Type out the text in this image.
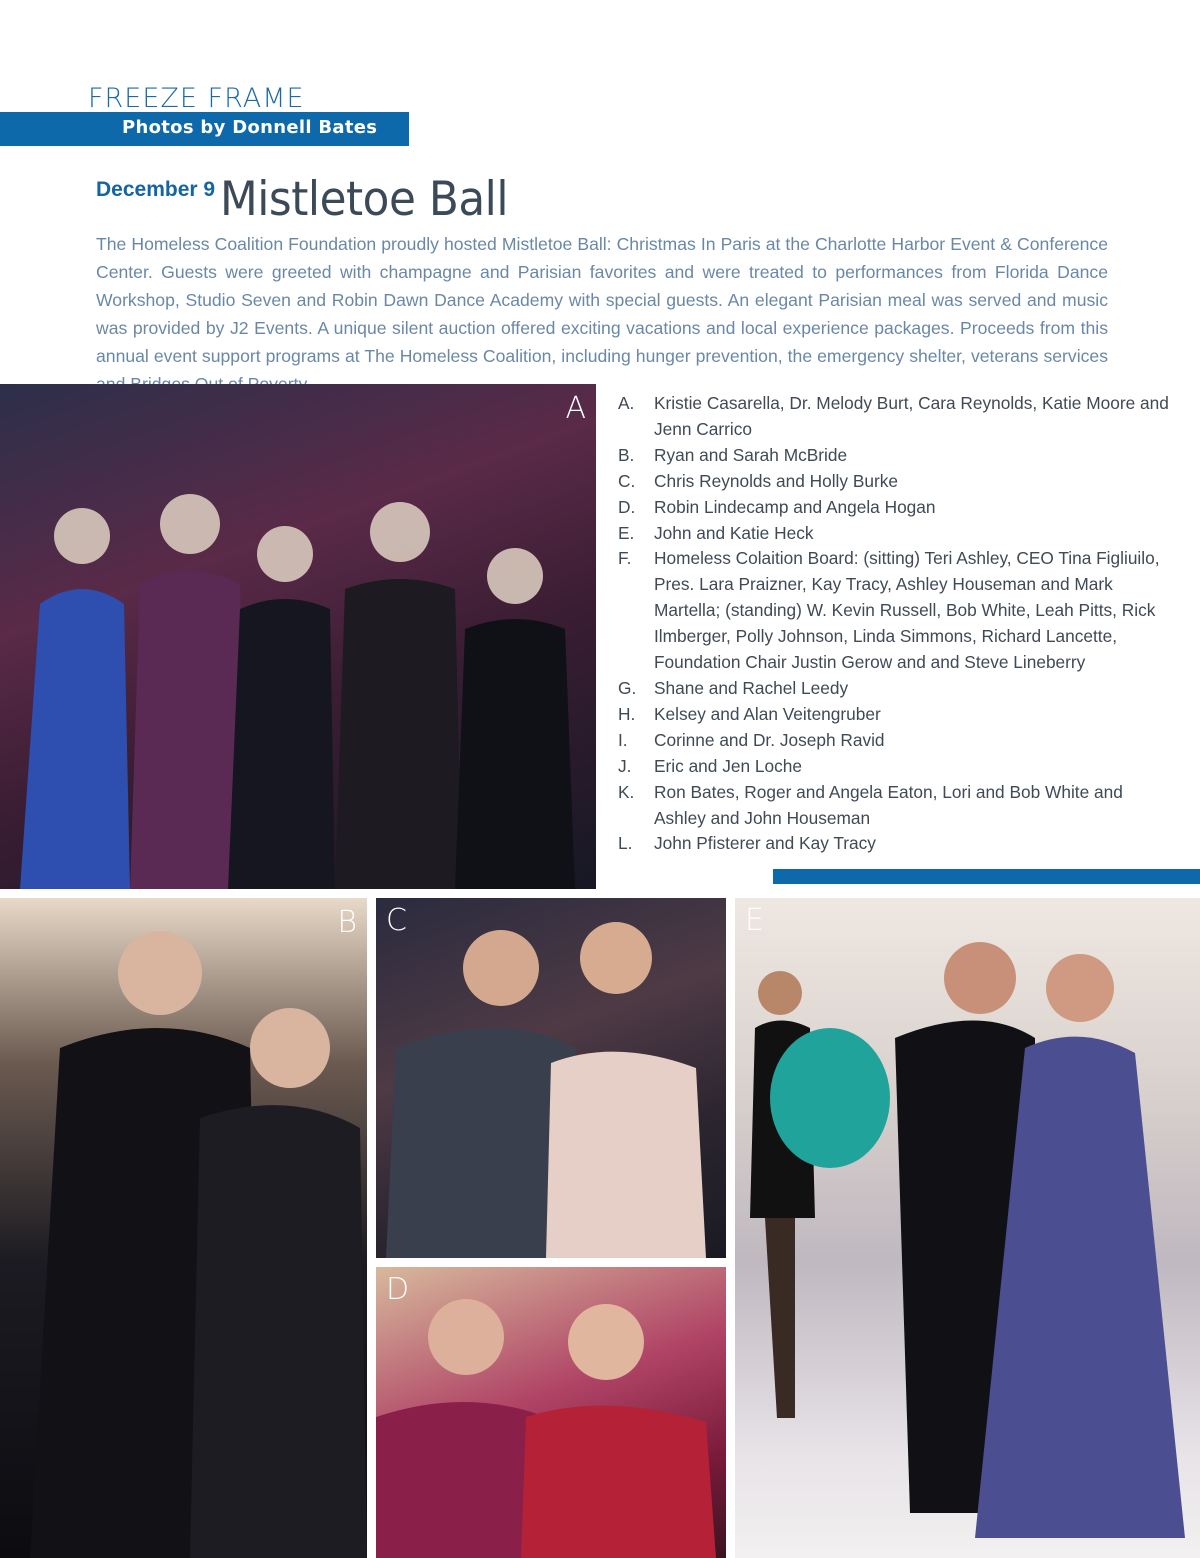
FREEZE FRAME
Photos by Donnell Bates
December 9 Mistletoe Ball

The Homeless Coalition Foundation proudly hosted Mistletoe Ball: Christmas In Paris at the Charlotte Harbor Event & Conference Center. Guests were greeted with champagne and Parisian favorites and were treated to performances from Florida Dance Workshop, Studio Seven and Robin Dawn Dance Academy with special guests. An elegant Parisian meal was served and music was provided by J2 Events. A unique silent auction offered exciting vacations and local experience packages. Proceeds from this annual event support programs at The Homeless Coalition, including hunger prevention, the emergency shelter, veterans services

A A.	Kristie Casarella, Dr. Melody Burt, Cara Reynolds, Katie Moore and Jenn Carrico
B.	Ryan and Sarah McBride
C.	Chris Reynolds and Holly Burke
D.	Robin Lindecamp and Angela Hogan
E.	John and Katie Heck
F.	Homeless Colaition Board: (sitting) Teri Ashley, CEO Tina Figliuilo, Pres. Lara Praizner, Kay Tracy, Ashley Houseman and Mark Martella; (standing) W. Kevin Russell, Bob White, Leah Pitts, Rick Ilmberger, Polly Johnson, Linda Simmons, Richard Lancette, Foundation Chair Justin Gerow and and Steve Lineberry
G.	Shane and Rachel Leedy
H.	Kelsey and Alan Veitengruber
I.	Corinne and Dr. Joseph Ravid
J.	Eric and Jen Loche
K.	Ron Bates, Roger and Angela Eaton, Lori and Bob White and Ashley and John Houseman
L.	John Pfisterer and Kay Tracy
B C
D
E
